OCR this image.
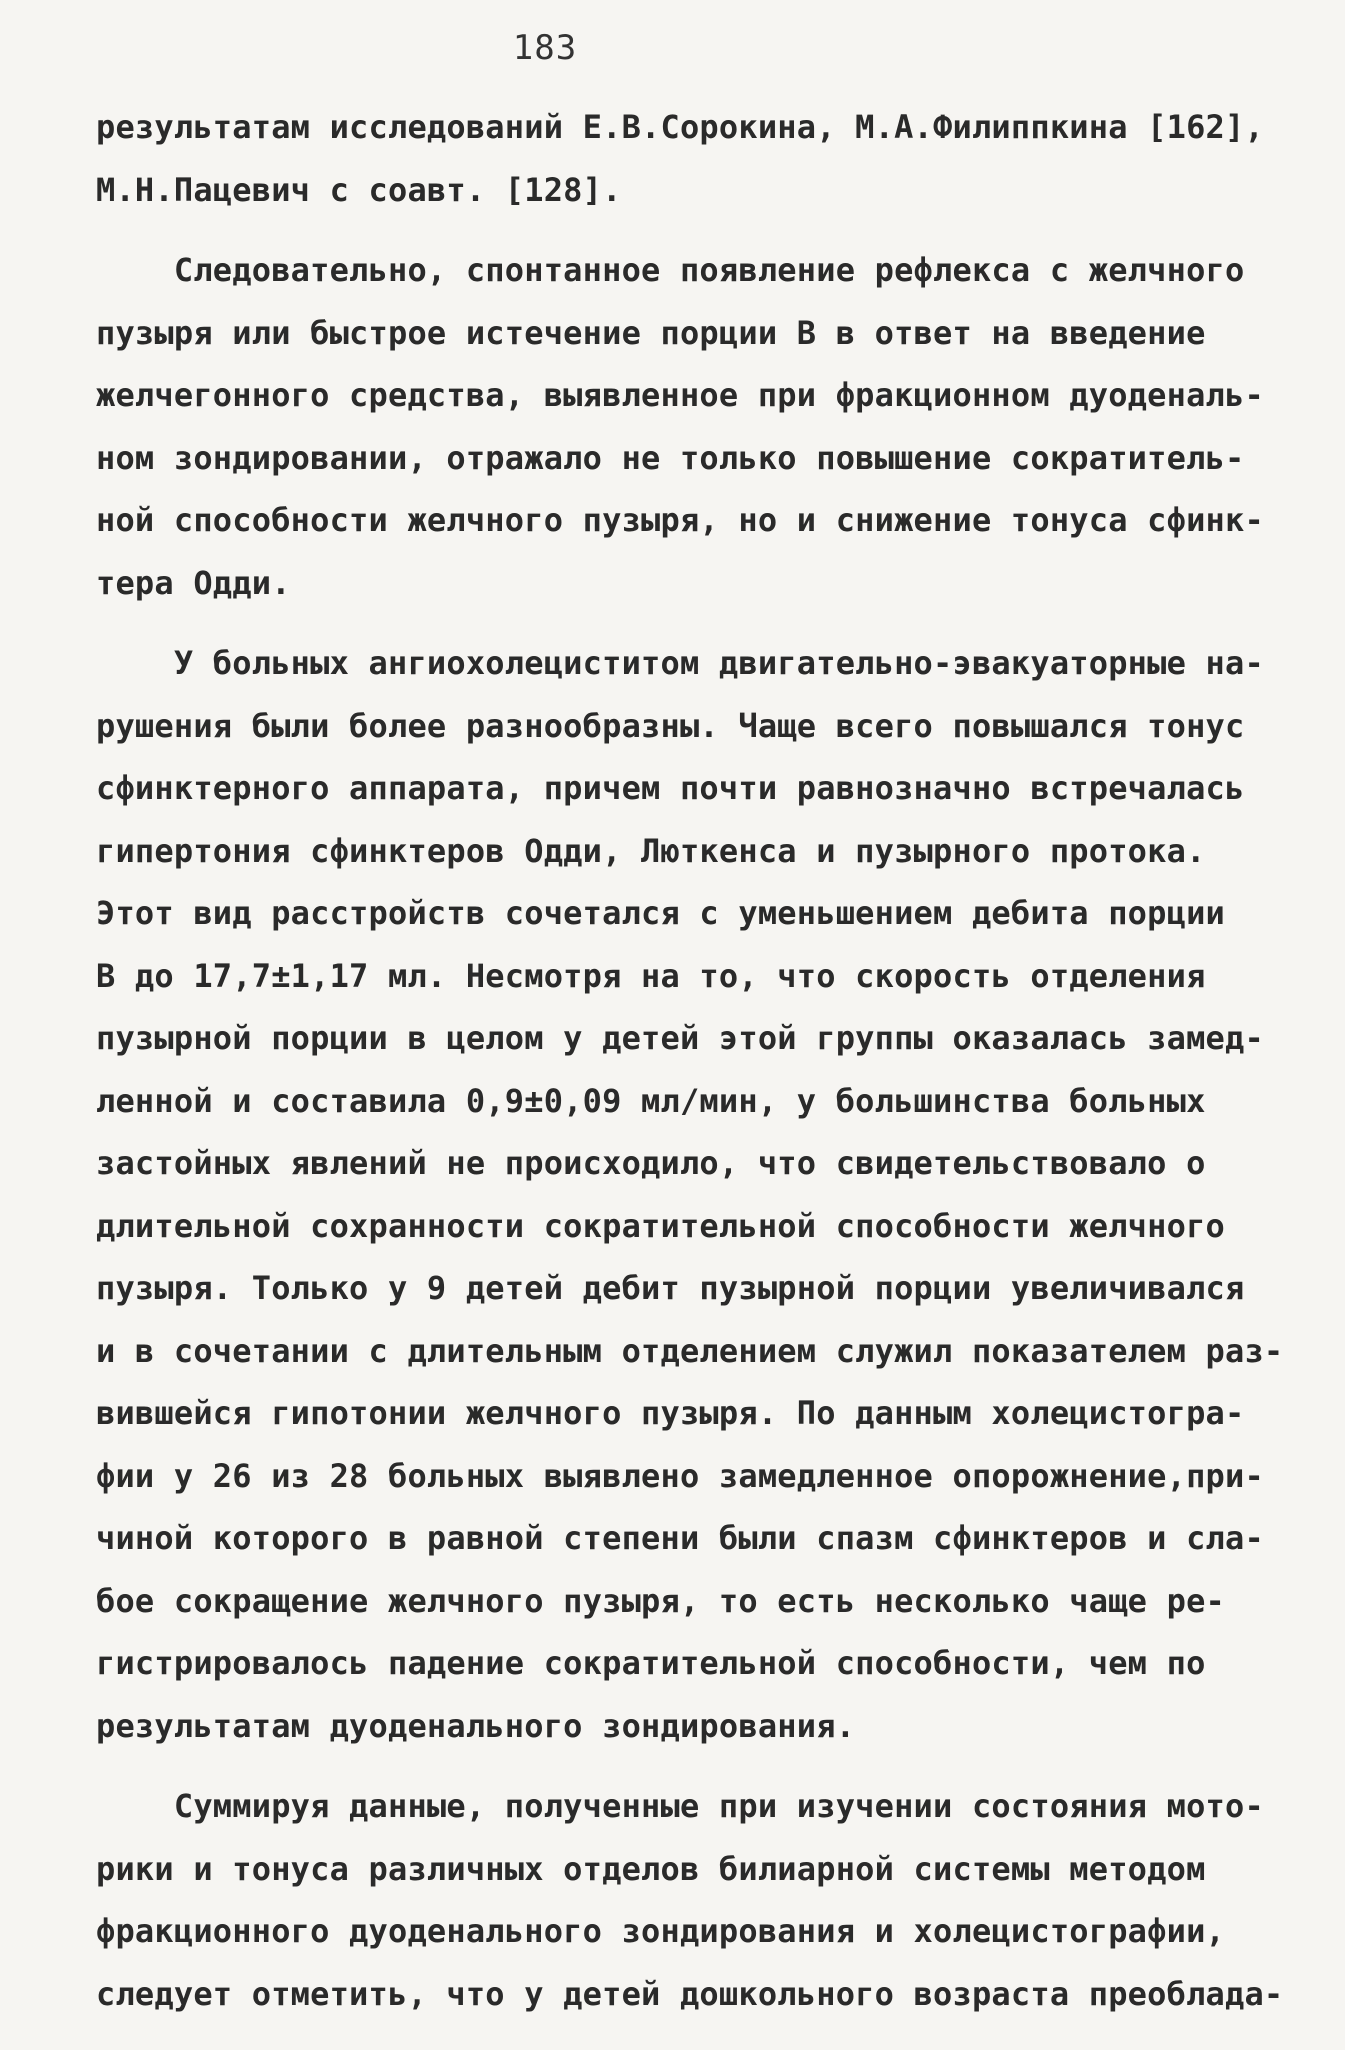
183
результатам исследований Е.В.Сорокина, М.А.Филиппкина [162],
М.Н.Пацевич с соавт. [128].
Следовательно, спонтанное появление рефлекса с желчного
пузыря или быстрое истечение порции В в ответ на введение
желчегонного средства, выявленное при фракционном дуоденаль-
ном зондировании, отражало не только повышение сократитель-
ной способности желчного пузыря, но и снижение тонуса сфинк-
тера Одди.
У больных ангиохолециститом двигательно-эвакуаторные на-
рушения были более разнообразны. Чаще всего повышался тонус
сфинктерного аппарата, причем почти равнозначно встречалась
гипертония сфинктеров Одди, Люткенса и пузырного протока.
Этот вид расстройств сочетался с уменьшением дебита порции
В до 17,7±1,17 мл. Несмотря на то, что скорость отделения
пузырной порции в целом у детей этой группы оказалась замед-
ленной и составила 0,9±0,09 мл/мин, у большинства больных
застойных явлений не происходило, что свидетельствовало о
длительной сохранности сократительной способности желчного
пузыря. Только у 9 детей дебит пузырной порции увеличивался
и в сочетании с длительным отделением служил показателем раз-
вившейся гипотонии желчного пузыря. По данным холецистогра-
фии у 26 из 28 больных выявлено замедленное опорожнение,при-
чиной которого в равной степени были спазм сфинктеров и сла-
бое сокращение желчного пузыря, то есть несколько чаще ре-
гистрировалось падение сократительной способности, чем по
результатам дуоденального зондирования.
Суммируя данные, полученные при изучении состояния мото-
рики и тонуса различных отделов билиарной системы методом
фракционного дуоденального зондирования и холецистографии,
следует отметить, что у детей дошкольного возраста преоблада-
